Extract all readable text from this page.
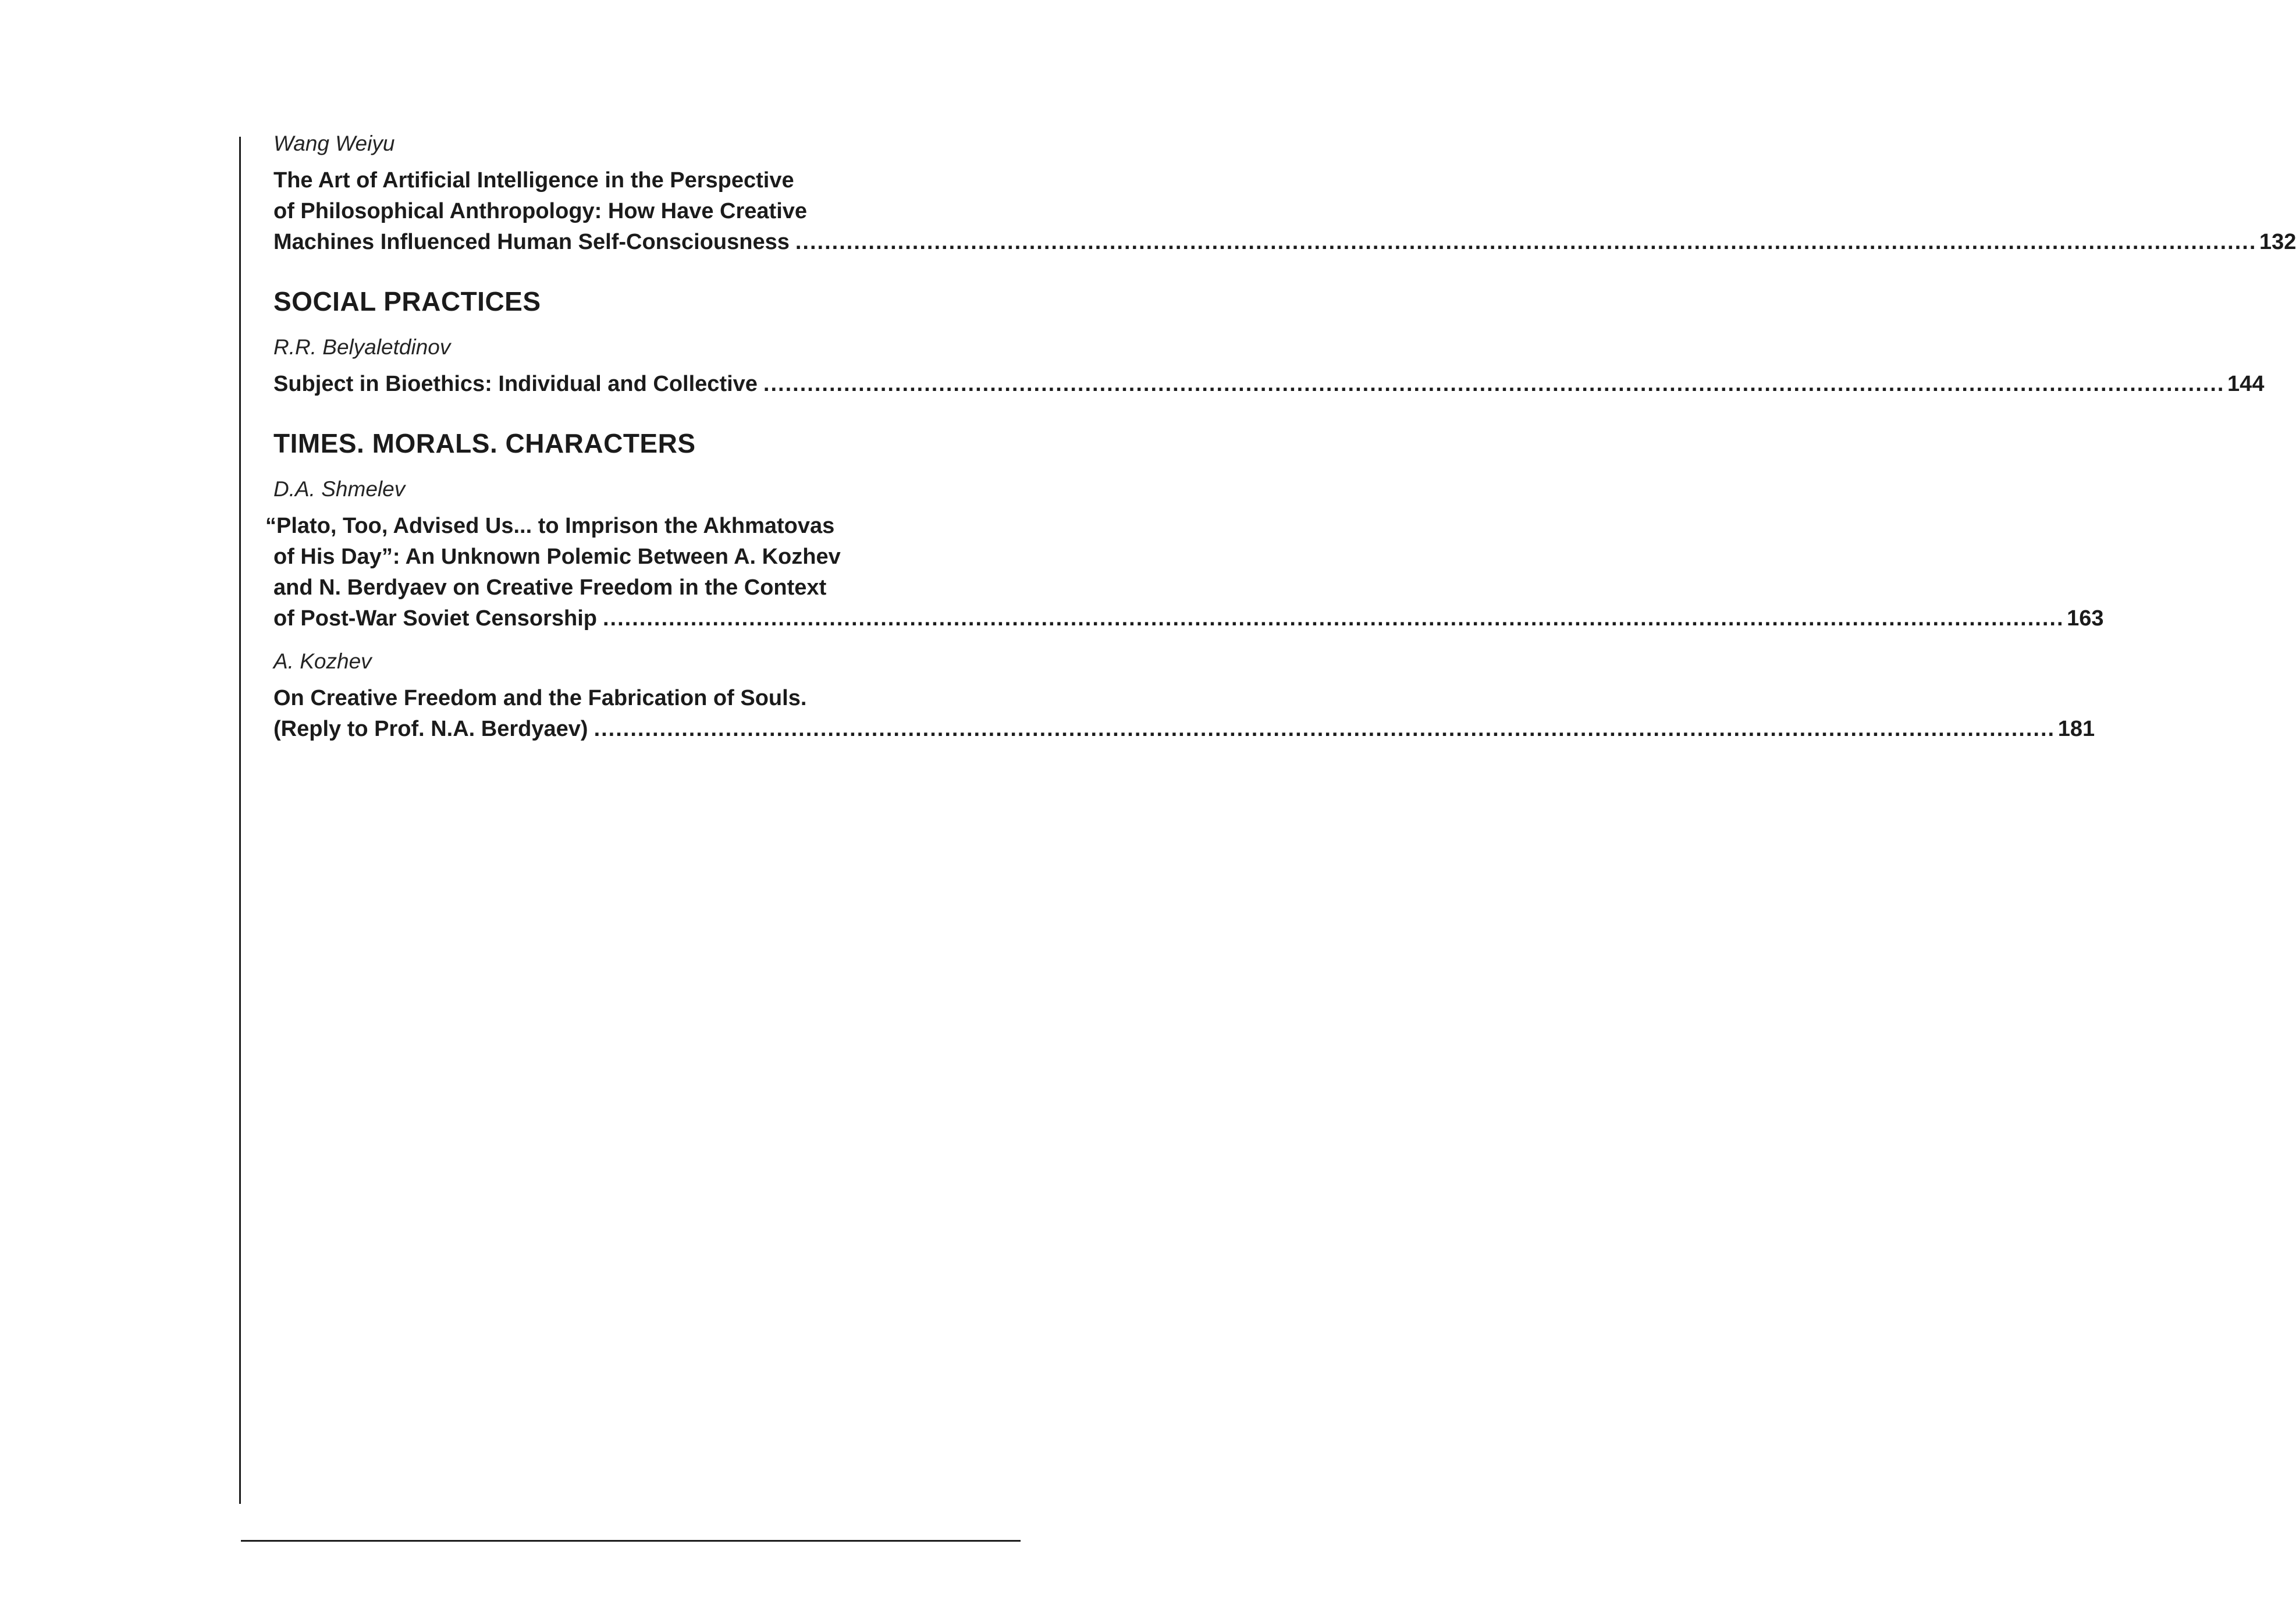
Wang Weiyu
The Art of Artificial Intelligence in the Perspective
of Philosophical Anthropology: How Have Creative
Machines Influenced Human Self-Consciousness ........................................................................................................................................................................................................ 132
SOCIAL PRACTICES
R.R. Belyaletdinov
Subject in Bioethics: Individual and Collective ........................................................................................................................................................................................................ 144
TIMES. MORALS. CHARACTERS
D.A. Shmelev
“Plato, Too, Advised Us... to Imprison the Akhmatovas
of His Day”: An Unknown Polemic Between A. Kozhev
and N. Berdyaev on Creative Freedom in the Context
of Post-War Soviet Censorship ........................................................................................................................................................................................................ 163
A. Kozhev
On Creative Freedom and the Fabrication of Souls.
(Reply to Prof. N.A. Berdyaev) ........................................................................................................................................................................................................ 181
